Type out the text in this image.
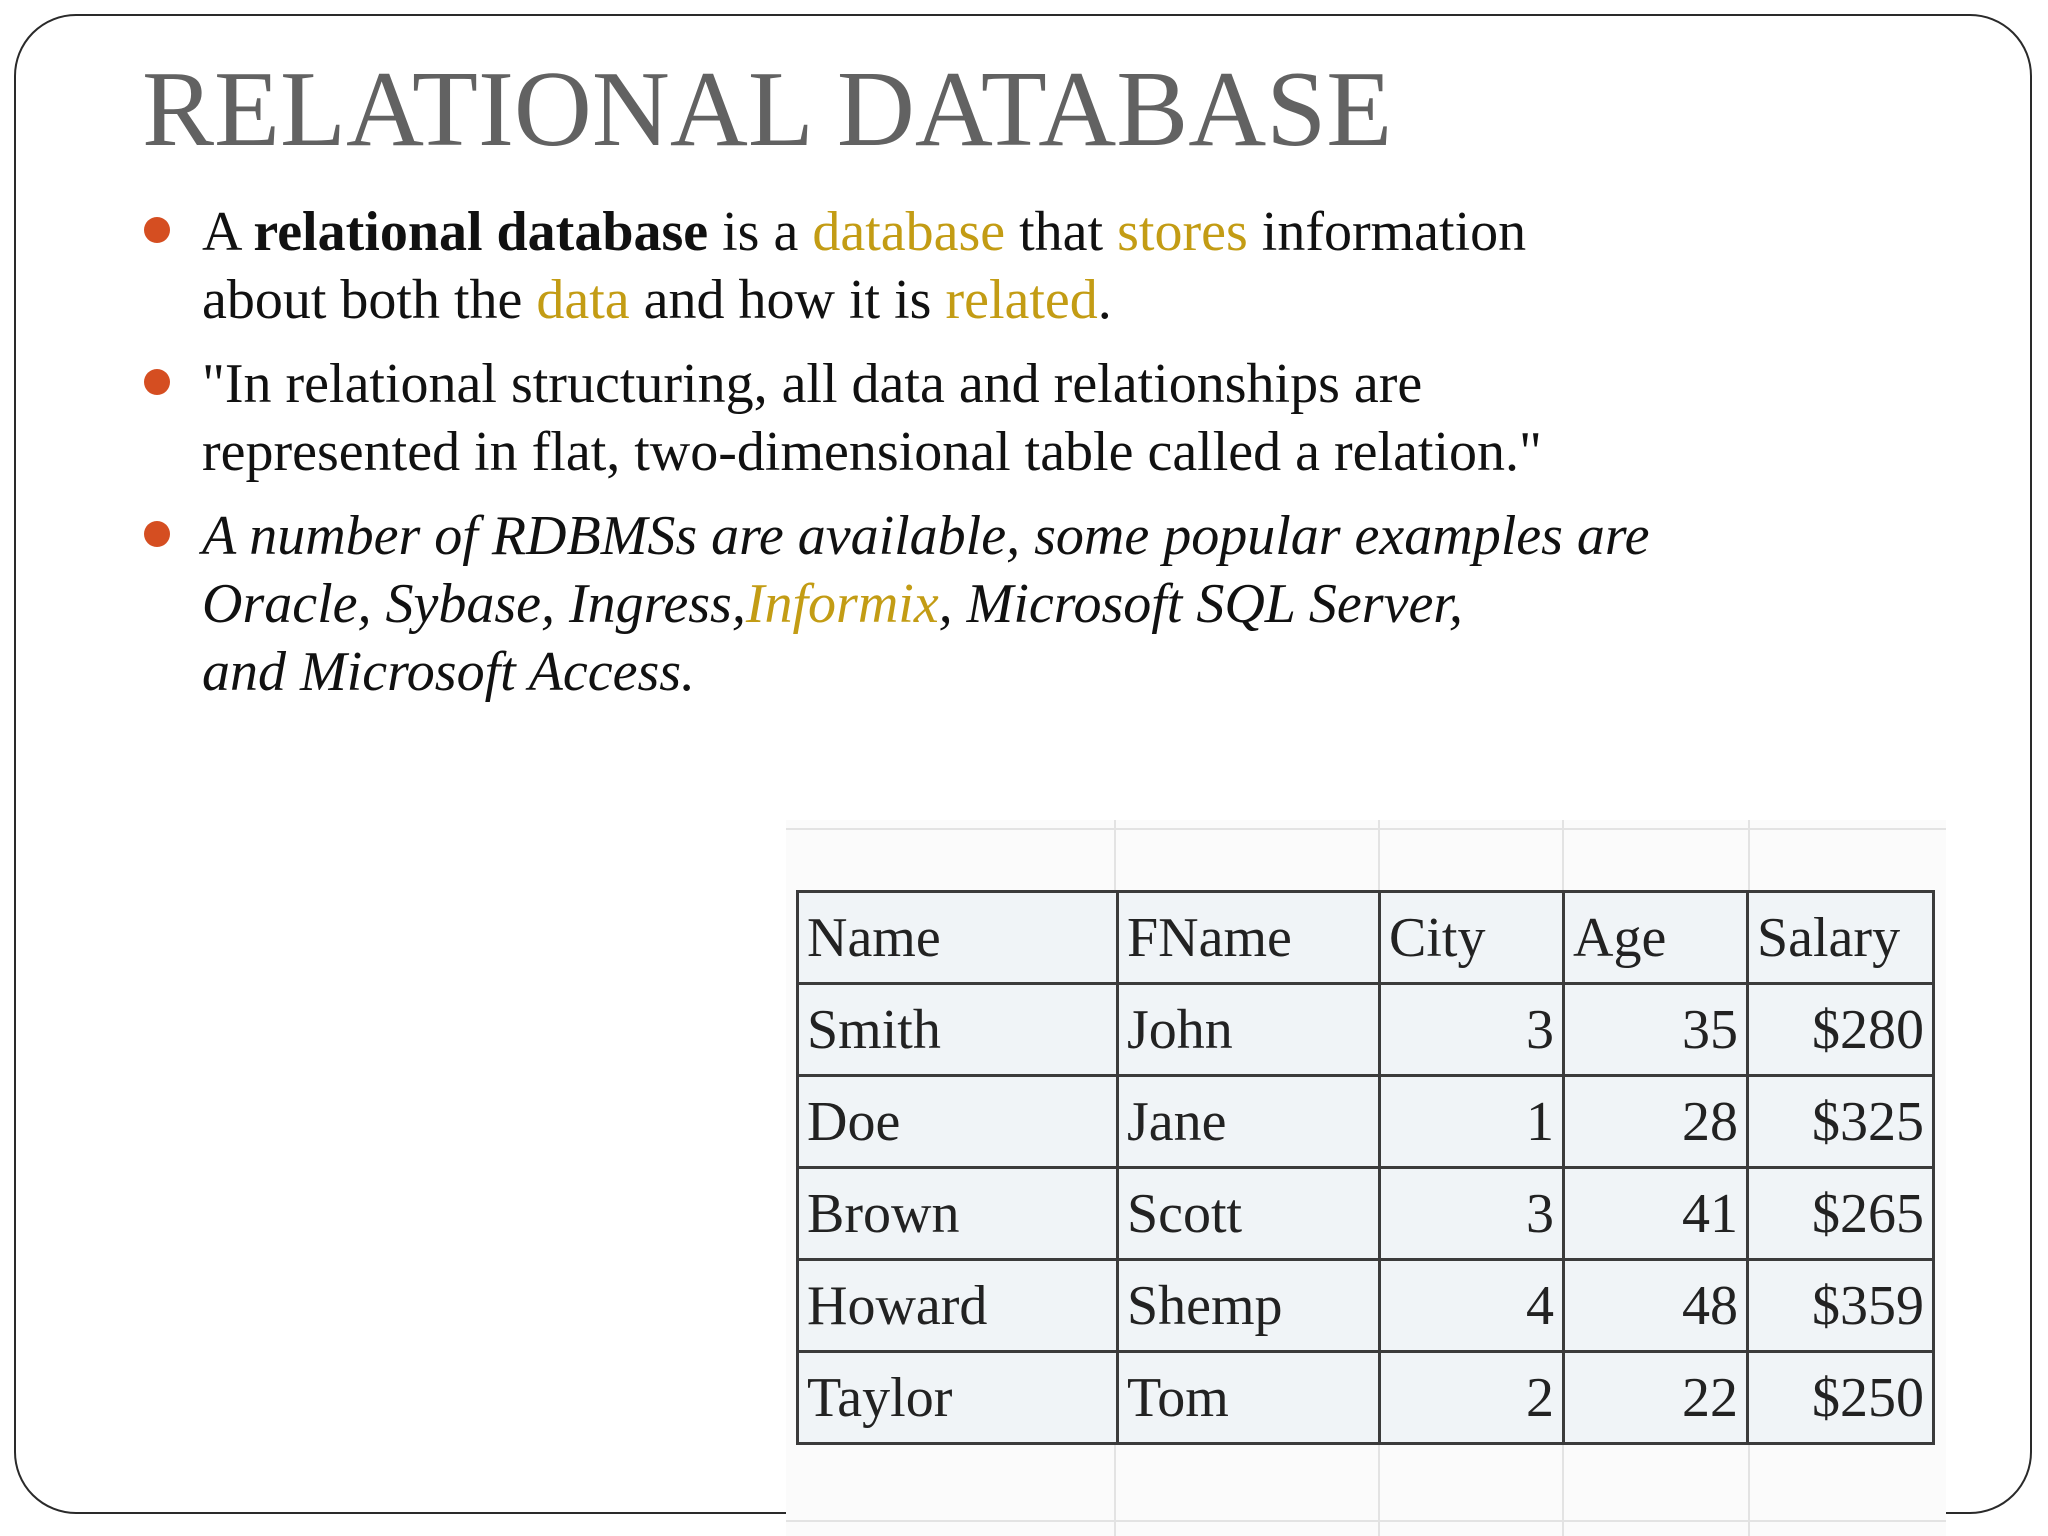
RELATIONAL DATABASE
A relational database is a database that stores information
about both the data and how it is related.
"In relational structuring, all data and relationships are
represented in flat, two-dimensional table called a relation."
A number of RDBMSs are available, some popular examples are
Oracle, Sybase, Ingress,Informix, Microsoft SQL Server,
and Microsoft Access.
Name	FName	City	Age	Salary
Smith	John	3	35	$280
Doe	Jane	1	28	$325
Brown	Scott	3	41	$265
Howard	Shemp	4	48	$359
Taylor	Tom	2	22	$250
